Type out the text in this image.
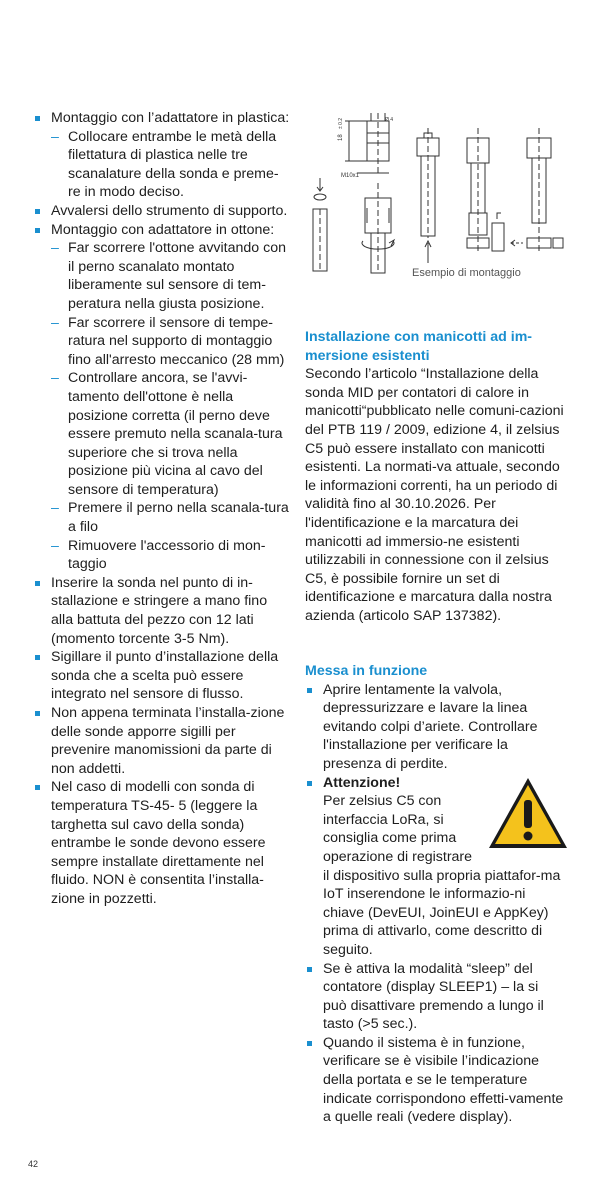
Montaggio con l’adattatore in plastica:
– Collocare entrambe le metà della filettatura di plastica nelle tre scanalature della sonda e preme-re in modo deciso.
Avvalersi dello strumento di supporto.
Montaggio con adattatore in ottone:
– Far scorrere l'ottone avvitando con il perno scanalato montato liberamente sul sensore di tem-peratura nella giusta posizione.
– Far scorrere il sensore di tempe-ratura nel supporto di montaggio fino all'arresto meccanico (28 mm)
– Controllare ancora, se l'avvi-tamento dell'ottone è nella posizione corretta (il perno deve essere premuto nella scanala-tura superiore che si trova nella posizione più vicina al cavo del sensore di temperatura)
– Premere il perno nella scanala-tura a filo
– Rimuovere l'accessorio di mon-taggio
Inserire la sonda nel punto di in-stallazione e stringere a mano fino alla battuta del pezzo con 12 lati (momento torcente 3-5 Nm).
Sigillare il punto d’installazione della sonda che a scelta può essere integrato nel sensore di flusso.
Non appena terminata l’installa-zione delle sonde apporre sigilli per prevenire manomissioni da parte di non addetti.
Nel caso di modelli con sonda di temperatura TS-45- 5 (leggere la targhetta sul cavo della sonda) entrambe le sonde devono essere sempre installate direttamente nel fluido. NON è consentita l’installa-zione in pozzetti.
18
± 0.2	Ø 4
M10x1
Esempio di montaggio
Installazione con manicotti ad im-mersione esistenti

Secondo l’articolo “Installazione della sonda MID per contatori di calore in manicotti“pubblicato nelle comuni-cazioni del PTB 119 / 2009, edizione 4, il zelsius C5 può essere installato con manicotti esistenti. La normati-va attuale, secondo le informazioni correnti, ha un periodo di validità fino al 30.10.2026. Per l'identificazione e la marcatura dei manicotti ad immersio-ne esistenti utilizzabili in connessione con il zelsius C5, è possibile fornire un set di identificazione e marcatura dalla nostra azienda (articolo SAP 137382).

Messa in funzione
Aprire lentamente la valvola, depressurizzare e lavare la linea evitando colpi d’ariete. Controllare l'installazione per verificare la presenza di perdite.
Attenzione!
Per zelsius C5 con interfaccia LoRa, si consiglia come prima operazione di registrare il dispositivo sulla propria piattafor-ma IoT inserendone le informazio-ni chiave (DevEUI, JoinEUI e AppKey) prima di attivarlo, come descritto di seguito.
Se è attiva la modalità “sleep” del contatore (display SLEEP1) – la si può disattivare premendo a lungo il tasto (>5 sec.).
Quando il sistema è in funzione, verificare se è visibile l’indicazione della portata e se le temperature indicate corrispondono effetti-vamente a quelle reali (vedere display).
42
